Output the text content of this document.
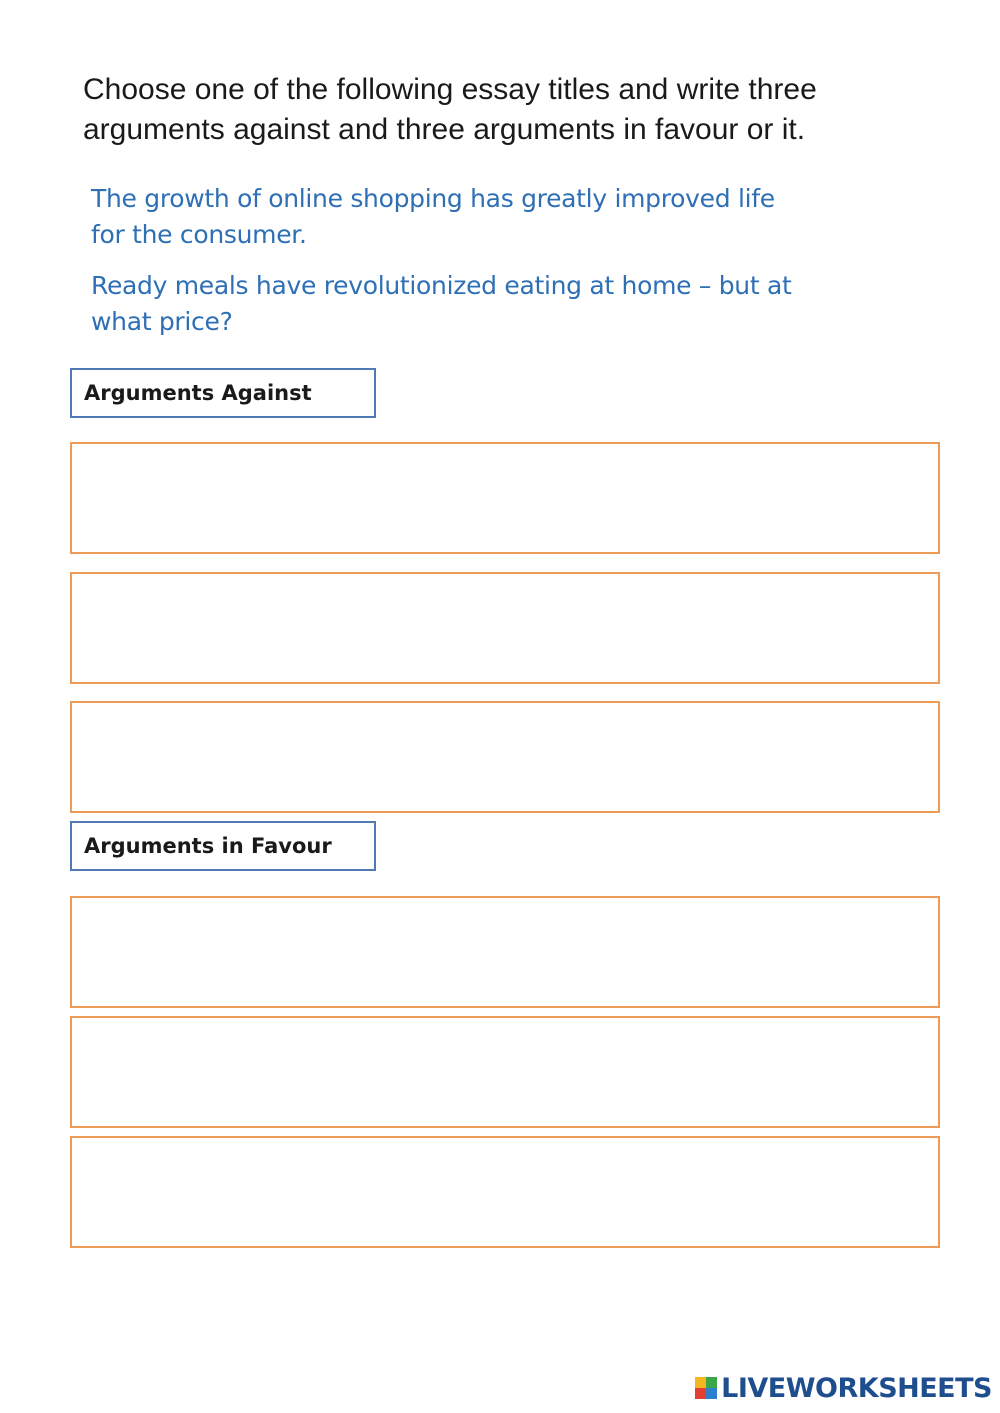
Choose one of the following essay titles and write three arguments against and three arguments in favour or it.

The growth of online shopping has greatly improved life for the consumer.

Ready meals have revolutionized eating at home – but at what price?

Arguments Against
Arguments in Favour
LIVEWORKSHEETS
